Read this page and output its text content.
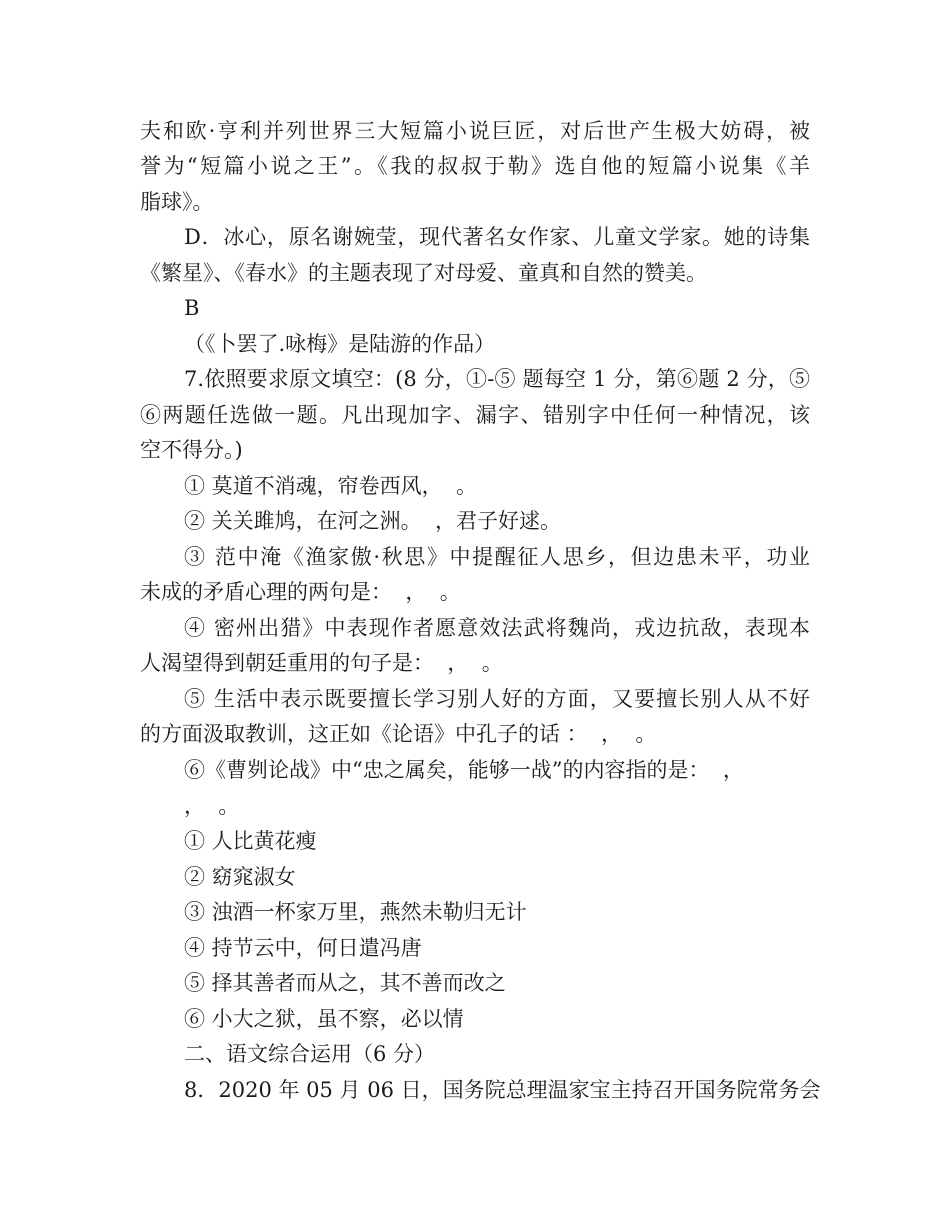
夫和欧·亨利并列世界三大短篇小说巨匠，对后世产生极大妨碍，被
誉为“短篇小说之王”。《我的叔叔于勒》选自他的短篇小说集《羊
脂球》。
D．冰心，原名谢婉莹，现代著名女作家、儿童文学家。她的诗集
《繁星》、《春水》的主题表现了对母爱、童真和自然的赞美。
B
（《卜罢了.咏梅》是陆游的作品）
7.依照要求原文填空：(8 分，①-⑤ 题每空 1 分，第⑥题 2 分，⑤
⑥两题任选做一题。凡出现加字、漏字、错别字中任何一种情况，该
空不得分。)
① 莫道不消魂，帘卷西风，  。
② 关关雎鸠，在河之洲。  ，君子好逑。
③ 范中淹《渔家傲·秋思》中提醒征人思乡，但边患未平，功业
未成的矛盾心理的两句是：  ，  。
④ 密州出猎》中表现作者愿意效法武将魏尚，戎边抗敌，表现本
人渴望得到朝廷重用的句子是：  ，  。
⑤ 生活中表示既要擅长学习别人好的方面，又要擅长别人从不好
的方面汲取教训，这正如《论语》中孔子的话 ：  ，  。
⑥《曹刿论战》中“忠之属矣，能够一战”的内容指的是：  ，
，  。
① 人比黄花瘦
② 窈窕淑女
③ 浊酒一杯家万里，燕然未勒归无计
④ 持节云中，何日遣冯唐
⑤ 择其善者而从之，其不善而改之
⑥ 小大之狱，虽不察，必以情
二、语文综合运用（6 分）
8．2020 年 05 月 06 日，国务院总理温家宝主持召开国务院常务会
